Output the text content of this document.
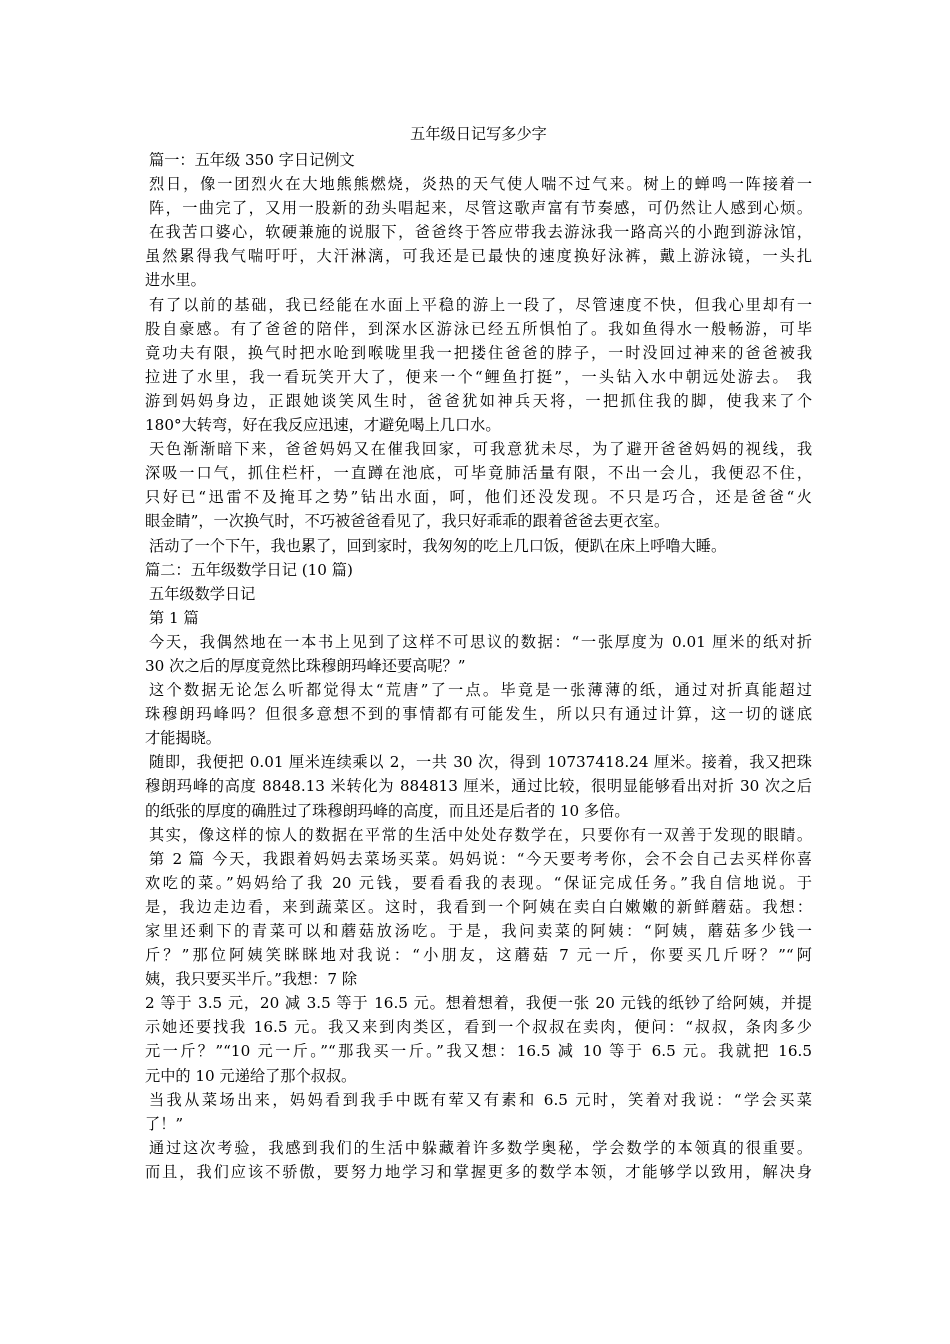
五年级日记写多少字

篇一：五年级 350 字日记例文

烈日，像一团烈火在大地熊熊燃烧，炎热的天气使人喘不过气来。树上的蝉鸣一阵接着一

阵，一曲完了，又用一股新的劲头唱起来，尽管这歌声富有节奏感，可仍然让人感到心烦。

在我苦口婆心，软硬兼施的说服下，爸爸终于答应带我去游泳我一路高兴的小跑到游泳馆，

虽然累得我气喘吁吁，大汗淋漓，可我还是已最快的速度换好泳裤，戴上游泳镜，一头扎

进水里。

有了以前的基础，我已经能在水面上平稳的游上一段了，尽管速度不快，但我心里却有一

股自豪感。有了爸爸的陪伴，到深水区游泳已经五所惧怕了。我如鱼得水一般畅游，可毕

竟功夫有限，换气时把水呛到喉咙里我一把搂住爸爸的脖子，一时没回过神来的爸爸被我

拉进了水里，我一看玩笑开大了，便来一个“鲤鱼打挺”，一头钻入水中朝远处游去。 我

游到妈妈身边，正跟她谈笑风生时，爸爸犹如神兵天将，一把抓住我的脚，使我来了个

180°大转弯，好在我反应迅速，才避免喝上几口水。

天色渐渐暗下来，爸爸妈妈又在催我回家，可我意犹未尽，为了避开爸爸妈妈的视线，我

深吸一口气，抓住栏杆，一直蹲在池底，可毕竟肺活量有限，不出一会儿，我便忍不住，

只好已“迅雷不及掩耳之势”钻出水面，呵，他们还没发现。不只是巧合，还是爸爸“火

眼金睛”，一次换气时，不巧被爸爸看见了，我只好乖乖的跟着爸爸去更衣室。

活动了一个下午，我也累了，回到家时，我匆匆的吃上几口饭，便趴在床上呼噜大睡。

篇二：五年级数学日记 (10 篇)

五年级数学日记

第 1 篇

今天，我偶然地在一本书上见到了这样不可思议的数据：“一张厚度为 0.01 厘米的纸对折

30 次之后的厚度竟然比珠穆朗玛峰还要高呢？”

这个数据无论怎么听都觉得太“荒唐”了一点。毕竟是一张薄薄的纸，通过对折真能超过

珠穆朗玛峰吗？但很多意想不到的事情都有可能发生，所以只有通过计算，这一切的谜底

才能揭晓。

随即，我便把 0.01 厘米连续乘以 2，一共 30 次，得到 10737418.24 厘米。接着，我又把珠

穆朗玛峰的高度 8848.13 米转化为 884813 厘米，通过比较，很明显能够看出对折 30 次之后

的纸张的厚度的确胜过了珠穆朗玛峰的高度，而且还是后者的 10 多倍。

其实，像这样的惊人的数据在平常的生活中处处存数学在，只要你有一双善于发现的眼睛。

第 2 篇 今天，我跟着妈妈去菜场买菜。妈妈说：“今天要考考你，会不会自己去买样你喜

欢吃的菜。”妈妈给了我 20 元钱，要看看我的表现。“保证完成任务。”我自信地说。于

是，我边走边看，来到蔬菜区。这时，我看到一个阿姨在卖白白嫩嫩的新鲜蘑菇。我想：

家里还剩下的青菜可以和蘑菇放汤吃。于是，我问卖菜的阿姨：“阿姨，蘑菇多少钱一

斤？”那位阿姨笑眯眯地对我说：“小朋友，这蘑菇 7 元一斤，你要买几斤呀？”“阿

姨，我只要买半斤。”我想：7 除

2 等于 3.5 元，20 减 3.5 等于 16.5 元。想着想着，我便一张 20 元钱的纸钞了给阿姨，并提

示她还要找我 16.5 元。我又来到肉类区，看到一个叔叔在卖肉，便问：“叔叔，条肉多少

元一斤？”“10 元一斤。”“那我买一斤。”我又想：16.5 减 10 等于 6.5 元。我就把 16.5

元中的 10 元递给了那个叔叔。

当我从菜场出来，妈妈看到我手中既有荤又有素和 6.5 元时，笑着对我说：“学会买菜

了！”

通过这次考验，我感到我们的生活中躲藏着许多数学奥秘，学会数学的本领真的很重要。

而且，我们应该不骄傲，要努力地学习和掌握更多的数学本领，才能够学以致用，解决身
